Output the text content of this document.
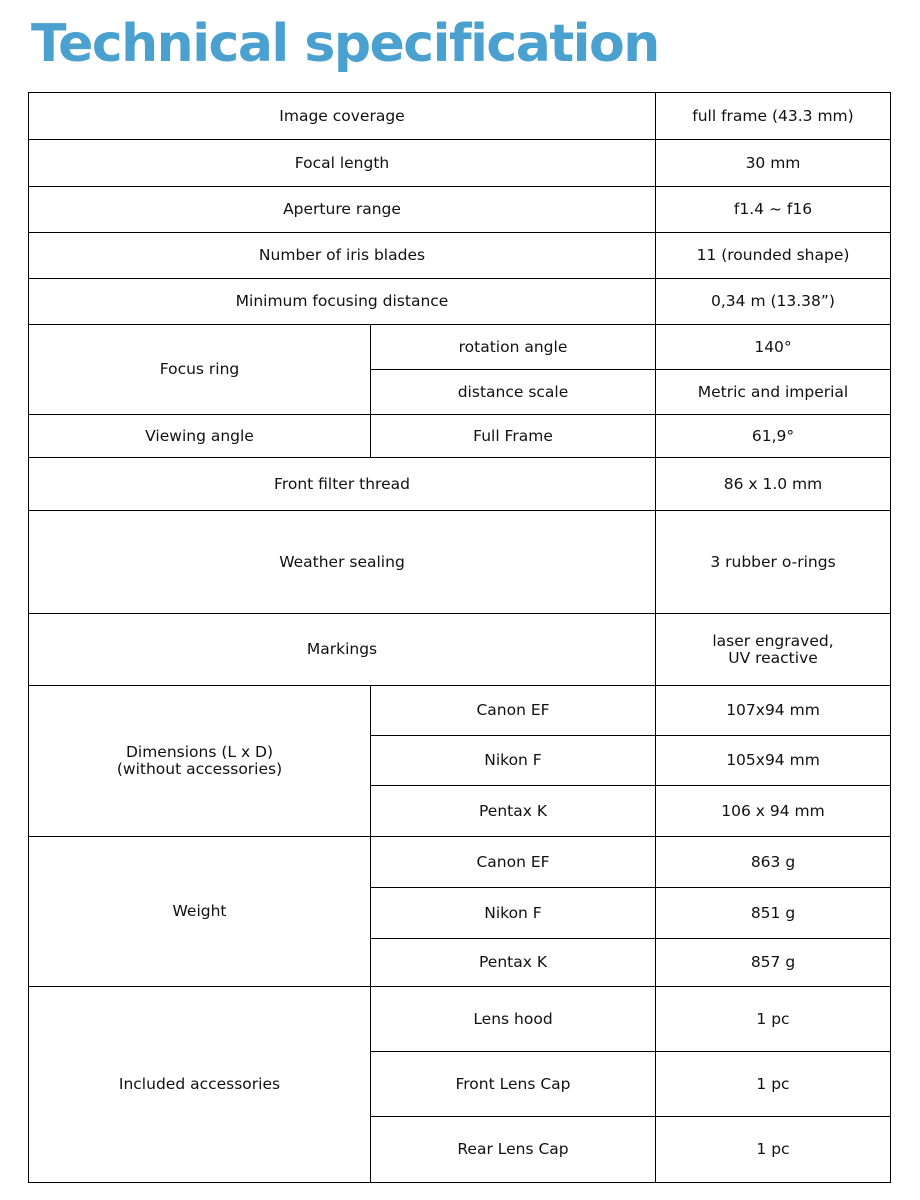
Technical specification
Image coverage		full frame (43.3 mm)
Focal length		30 mm
Aperture range		f1.4 ~ f16
Number of iris blades		11 (rounded shape)
Minimum focusing distance		0,34 m (13.38”)
Focus ring	rotation angle	140°
	distance scale	Metric and imperial
Viewing angle	Full Frame	61,9°
Front filter thread		86 x 1.0 mm
Weather sealing		3 rubber o-rings
Markings		laser engraved,
UV reactive
Dimensions (L x D)
(without accessories)	Canon EF	107x94 mm
	Nikon F	105x94 mm
	Pentax K	106 x 94 mm
Weight	Canon EF	863 g
	Nikon F	851 g
	Pentax K	857 g
Included accessories	Lens hood	1 pc
	Front Lens Cap	1 pc
	Rear Lens Cap	1 pc
